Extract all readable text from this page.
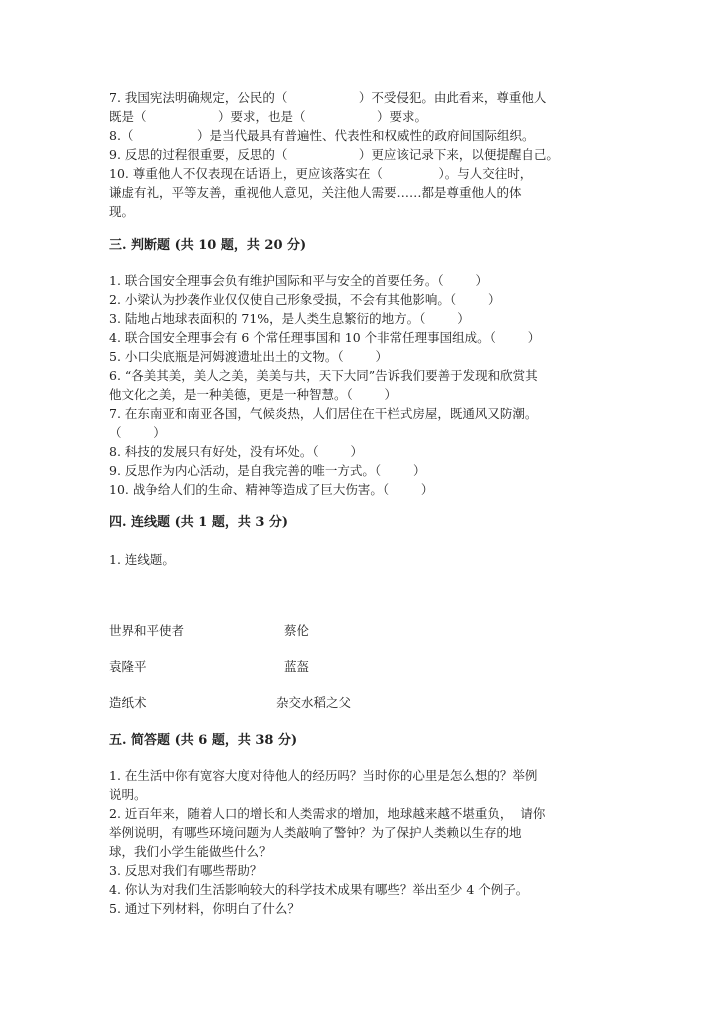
7. 我国宪法明确规定，公民的（                  ）不受侵犯。由此看来，尊重他人
既是（                  ）要求，也是（                  ）要求。
8.（                ）是当代最具有普遍性、代表性和权威性的政府间国际组织。
9. 反思的过程很重要，反思的（                  ）更应该记录下来，以便提醒自己。
10. 尊重他人不仅表现在话语上，更应该落实在（              ）。与人交往时，
谦虚有礼，平等友善，重视他人意见，关注他人需要……都是尊重他人的体
现。
三. 判断题 (共 10 题，共 20 分)
1. 联合国安全理事会负有维护国际和平与安全的首要任务。（        ）
2. 小梁认为抄袭作业仅仅使自己形象受损，不会有其他影响。（        ）
3. 陆地占地球表面积的 71%，是人类生息繁衍的地方。（        ）
4. 联合国安全理事会有 6 个常任理事国和 10 个非常任理事国组成。（        ）
5. 小口尖底瓶是河姆渡遗址出土的文物。（        ）
6. “各美其美，美人之美，美美与共，天下大同”告诉我们要善于发现和欣赏其
他文化之美，是一种美德，更是一种智慧。（        ）
7. 在东南亚和南亚各国，气候炎热，人们居住在干栏式房屋，既通风又防潮。
（        ）
8. 科技的发展只有好处，没有坏处。（        ）
9. 反思作为内心活动，是自我完善的唯一方式。（        ）
10. 战争给人们的生命、精神等造成了巨大伤害。（        ）
四. 连线题 (共 1 题，共 3 分)
1. 连线题。
世界和平使者
袁隆平
造纸术
蔡伦
蓝盔
杂交水稻之父
五. 简答题 (共 6 题，共 38 分)
1. 在生活中你有宽容大度对待他人的经历吗？当时你的心里是怎么想的？举例
说明。
2. 近百年来，随着人口的增长和人类需求的增加，地球越来越不堪重负，  请你
举例说明，有哪些环境问题为人类敲响了警钟？为了保护人类赖以生存的地
球，我们小学生能做些什么？
3. 反思对我们有哪些帮助？
4. 你认为对我们生活影响较大的科学技术成果有哪些？举出至少 4 个例子。
5. 通过下列材料，你明白了什么？
